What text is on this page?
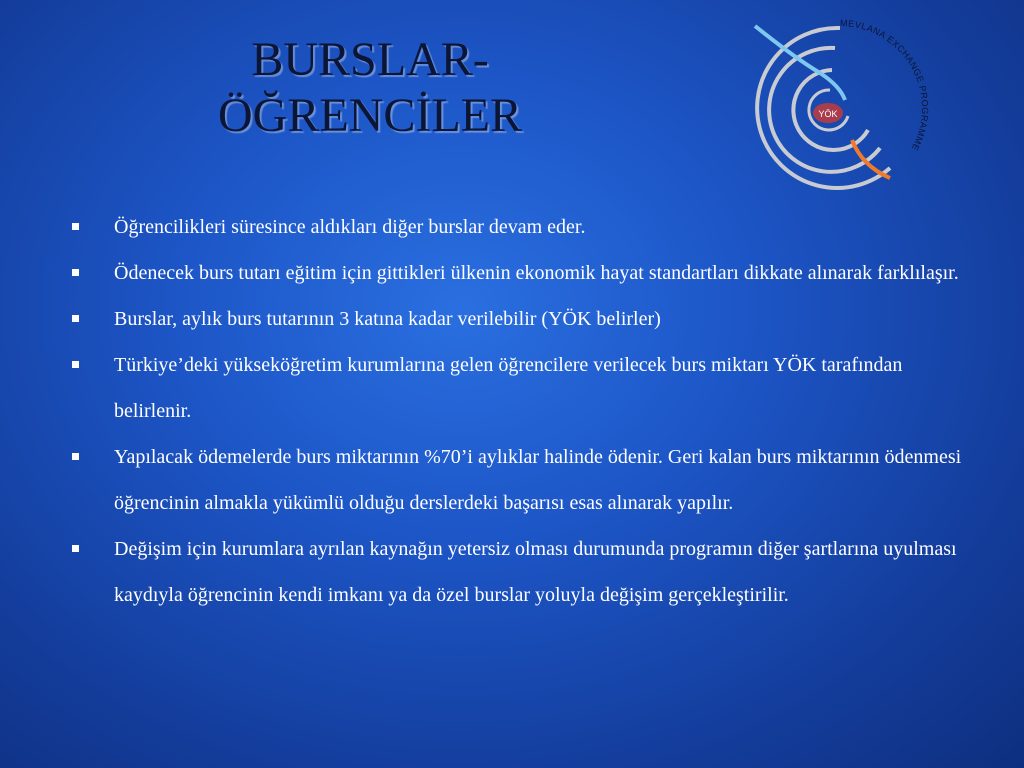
BURSLAR-
ÖĞRENCİLER	YÖK
MEVLANA EXCHANGE PROGRAMME
Öğrencilikleri süresince aldıkları diğer burslar devam eder.
Ödenecek burs tutarı eğitim için gittikleri ülkenin ekonomik hayat standartları dikkate alınarak farklılaşır.
Burslar, aylık burs tutarının 3 katına kadar verilebilir (YÖK belirler)
Türkiye’deki yükseköğretim kurumlarına gelen öğrencilere verilecek burs miktarı YÖK tarafından belirlenir.
Yapılacak ödemelerde burs miktarının %70’i aylıklar halinde ödenir. Geri kalan burs miktarının ödenmesi öğrencinin almakla yükümlü olduğu derslerdeki başarısı esas alınarak yapılır.
Değişim için kurumlara ayrılan kaynağın yetersiz olması durumunda programın diğer şartlarına uyulması kaydıyla öğrencinin kendi imkanı ya da özel burslar yoluyla değişim gerçekleştirilir.
